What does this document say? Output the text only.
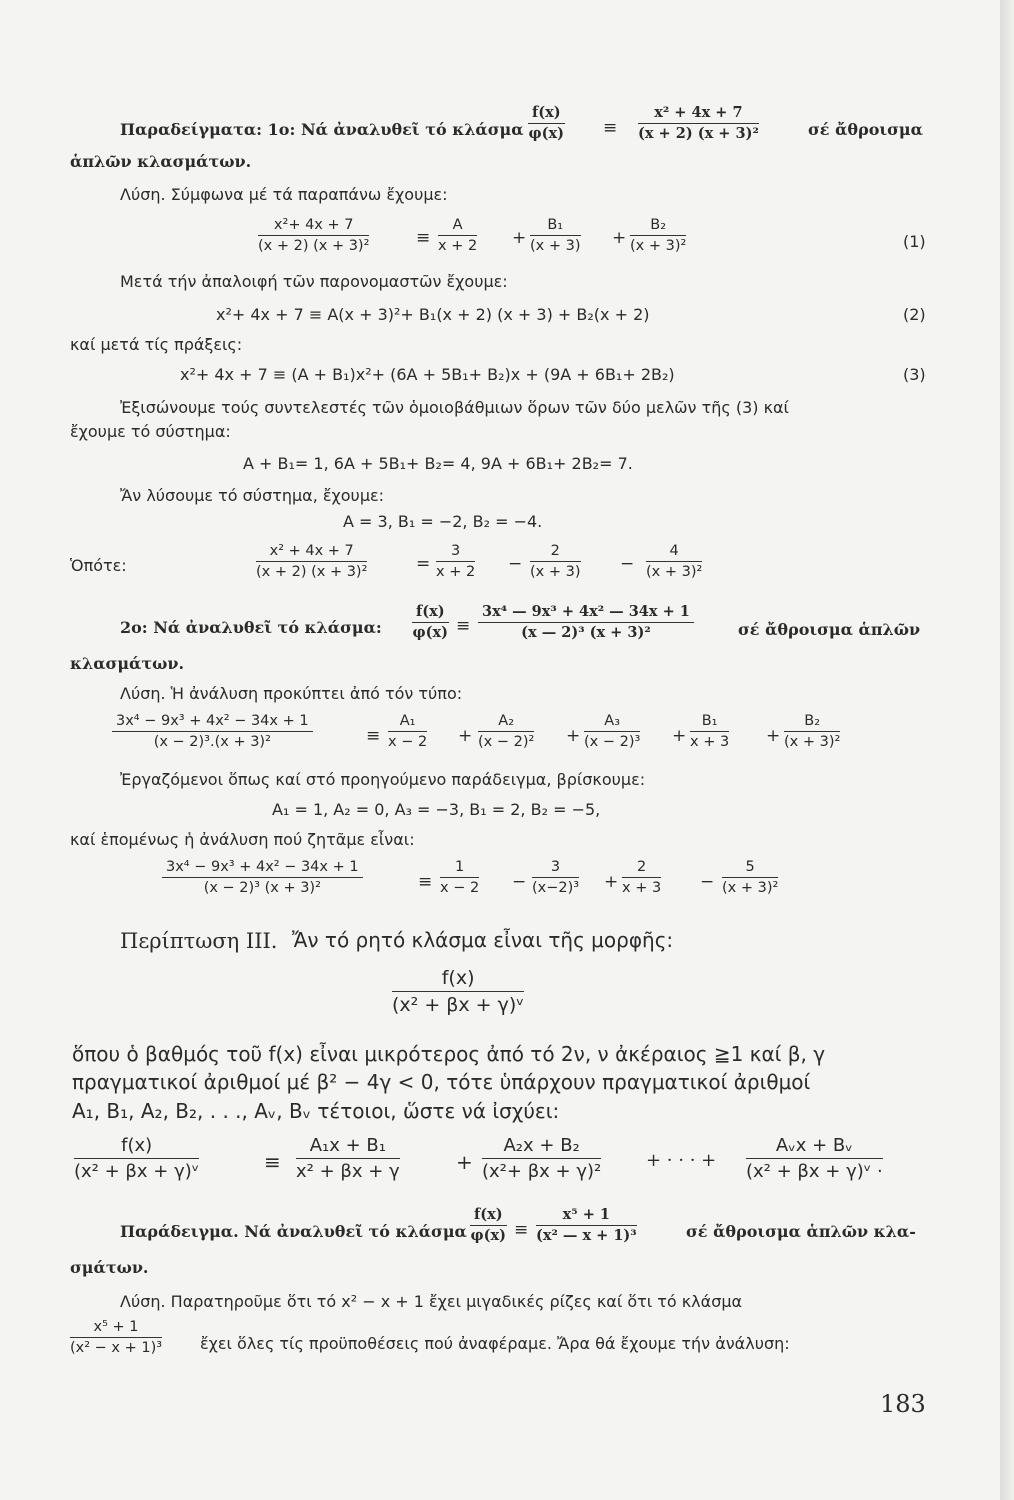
Παραδείγματα: 1ο: Νά ἀναλυθεῖ τό κλάσμα $\frac{f(x)}{\varphi(x)} \equiv \frac{\text{x² + 4x + 7}}{\text{(x + 2) (x + 3)²}}$	σέ ἄθροισμα
ἁπλῶν κλασμάτων.
Λύση. Σύμφωνα μέ τά παραπάνω ἔχουμε:
$\frac{\text{x²+ 4x + 7}}{\text{(x + 2) (x + 3)²}}$	≡ $\frac{A}{x + 2} + \frac{\text{B₁}}{(x + 3)} + \frac{\text{B₂}}{\text{(x + 3)²}}$	(1)
Μετά τήν ἀπαλοιφή τῶν παρονομαστῶν ἔχουμε:
x²+ 4x + 7 ≡ A(x + 3)²+ B₁(x + 2) (x + 3) + B₂(x + 2)	(2)
καί μετά τίς πράξεις:
x²+ 4x + 7 ≡ (A + B₁)x²+ (6A + 5B₁+ B₂)x + (9A + 6B₁+ 2B₂)	(3)
Ἐξισώνουμε τούς συντελεστές τῶν ὁμοιοβάθμιων ὅρων τῶν δύο μελῶν τῆς (3) καί
ἔχουμε τό σύστημα:
A + B₁= 1, 6A + 5B₁+ B₂= 4, 9A + 6B₁+ 2B₂= 7.
Ἄν λύσουμε τό σύστημα, ἔχουμε:
A = 3, B₁ = −2, B₂ = −4.
Ὁπότε:	$\frac{\text{x² + 4x + 7}}{\text{(x + 2) (x + 3)²}}$	= $\frac{3}{x + 2} - \frac{2}{(x + 3)} - \frac{4}{\text{(x + 3)²}}$
2ο: Νά ἀναλυθεῖ τό κλάσμα: $\frac{f(x)}{\varphi(x)} \equiv \frac{\text{3x⁴ — 9x³ + 4x² — 34x + 1}}{\text{(x — 2)³ (x + 3)²}}$	σέ ἄθροισμα ἁπλῶν
κλασμάτων.
Λύση. Ἡ ἀνάλυση προκύπτει ἀπό τόν τύπο:
$\frac{\text{3x⁴ − 9x³ + 4x² − 34x + 1}}{\text{(x − 2)³.(x + 3)²}}$	≡ $\frac{\text{A₁}}{x - 2} + \frac{\text{A₂}}{\text{(x − 2)²}} + \frac{\text{A₃}}{\text{(x − 2)³}} + \frac{\text{B₁}}{x + 3} + \frac{\text{B₂}}{\text{(x + 3)²}}$
Ἐργαζόμενοι ὅπως καί στό προηγούμενο παράδειγμα, βρίσκουμε:
A₁ = 1, A₂ = 0, A₃ = −3, B₁ = 2, B₂ = −5,
καί ἑπομένως ἡ ἀνάλυση πού ζητᾶμε εἶναι:
$\frac{\text{3x⁴ − 9x³ + 4x² − 34x + 1}}{\text{(x − 2)³ (x + 3)²}}$	≡ $\frac{1}{x - 2} - \frac{3}{\text{(x−2)³}} + \frac{2}{x + 3} - \frac{5}{\text{(x + 3)²}}$
Περίπτωση III. Ἄν τό ρητό κλάσμα εἶναι τῆς μορφῆς:
$\frac{f(x)}{\text{(x² + βx + γ)ᵛ}}$
ὅπου ὁ βαθμός τοῦ f(x) εἶναι μικρότερος ἀπό τό 2ν, ν ἀκέραιος ≧1 καί β, γ
πραγματικοί ἀριθμοί μέ β² − 4γ < 0, τότε ὑπάρχουν πραγματικοί ἀριθμοί
A₁, B₁, A₂, B₂, . . ., Aᵥ, Bᵥ τέτοιοι, ὥστε νά ἰσχύει:
$\frac{f(x)}{\text{(x² + βx + γ)ᵛ}}$	≡ $\frac{\text{A₁x + B₁}}{\text{x² + βx + γ}}$	+ $\frac{\text{A₂x + B₂}}{\text{(x²+ βx + γ)²}}$ + · · · +
Aᵥx + Bᵥ
(x² + βx + γ)ᵛ ·
Παράδειγμα. Νά ἀναλυθεῖ τό κλάσμα $\frac{f(x)}{\varphi(x)} \equiv \frac{\text{x⁵ + 1}}{\text{(x² — x + 1)³}}$	σέ ἄθροισμα ἁπλῶν κλα-
σμάτων.
Λύση. Παρατηροῦμε ὅτι τό x² − x + 1 ἔχει μιγαδικές ρίζες καί ὅτι τό κλάσμα
$\frac{\text{x⁵ + 1}}{\text{(x² − x + 1)³}}$ ἔχει ὅλες τίς προϋποθέσεις πού ἀναφέραμε. Ἄρα θά ἔχουμε τήν ἀνάλυση:
183
